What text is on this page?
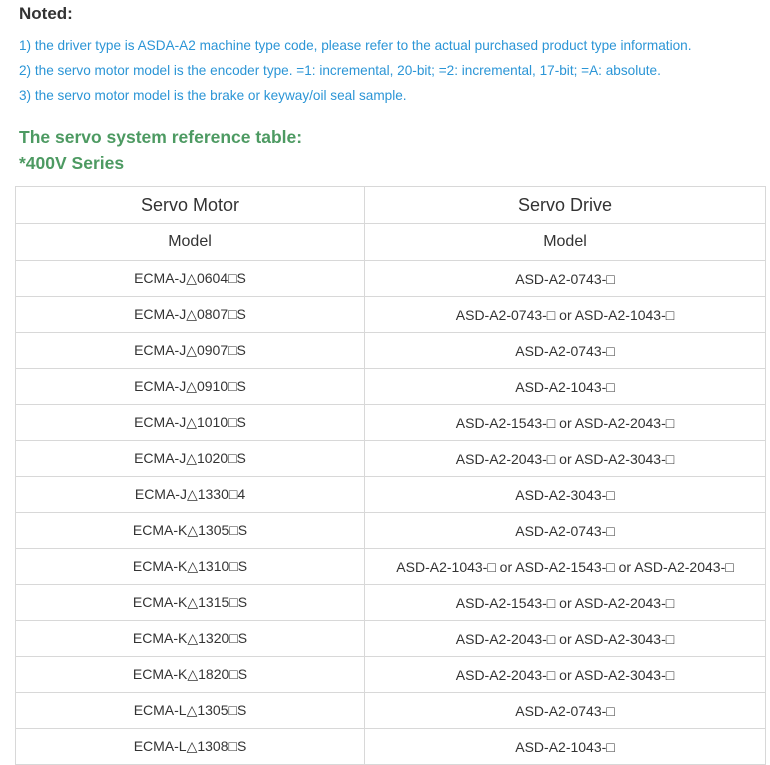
Noted:
1) the driver type is ASDA-A2 machine type code, please refer to the actual purchased product type information.
2) the servo motor model is the encoder type. =1: incremental, 20-bit; =2: incremental, 17-bit; =A: absolute.
3) the servo motor model is the brake or keyway/oil seal sample.
The servo system reference table:
*400V Series
Servo Motor	Servo Drive
Model	Model
ECMA-J△0604□S	ASD-A2-0743-□
ECMA-J△0807□S	ASD-A2-0743-□ or ASD-A2-1043-□
ECMA-J△0907□S	ASD-A2-0743-□
ECMA-J△0910□S	ASD-A2-1043-□
ECMA-J△1010□S	ASD-A2-1543-□ or ASD-A2-2043-□
ECMA-J△1020□S	ASD-A2-2043-□ or ASD-A2-3043-□
ECMA-J△1330□4	ASD-A2-3043-□
ECMA-K△1305□S	ASD-A2-0743-□
ECMA-K△1310□S	ASD-A2-1043-□ or ASD-A2-1543-□ or ASD-A2-2043-□
ECMA-K△1315□S	ASD-A2-1543-□ or ASD-A2-2043-□
ECMA-K△1320□S	ASD-A2-2043-□ or ASD-A2-3043-□
ECMA-K△1820□S	ASD-A2-2043-□ or ASD-A2-3043-□
ECMA-L△1305□S	ASD-A2-0743-□
ECMA-L△1308□S	ASD-A2-1043-□
